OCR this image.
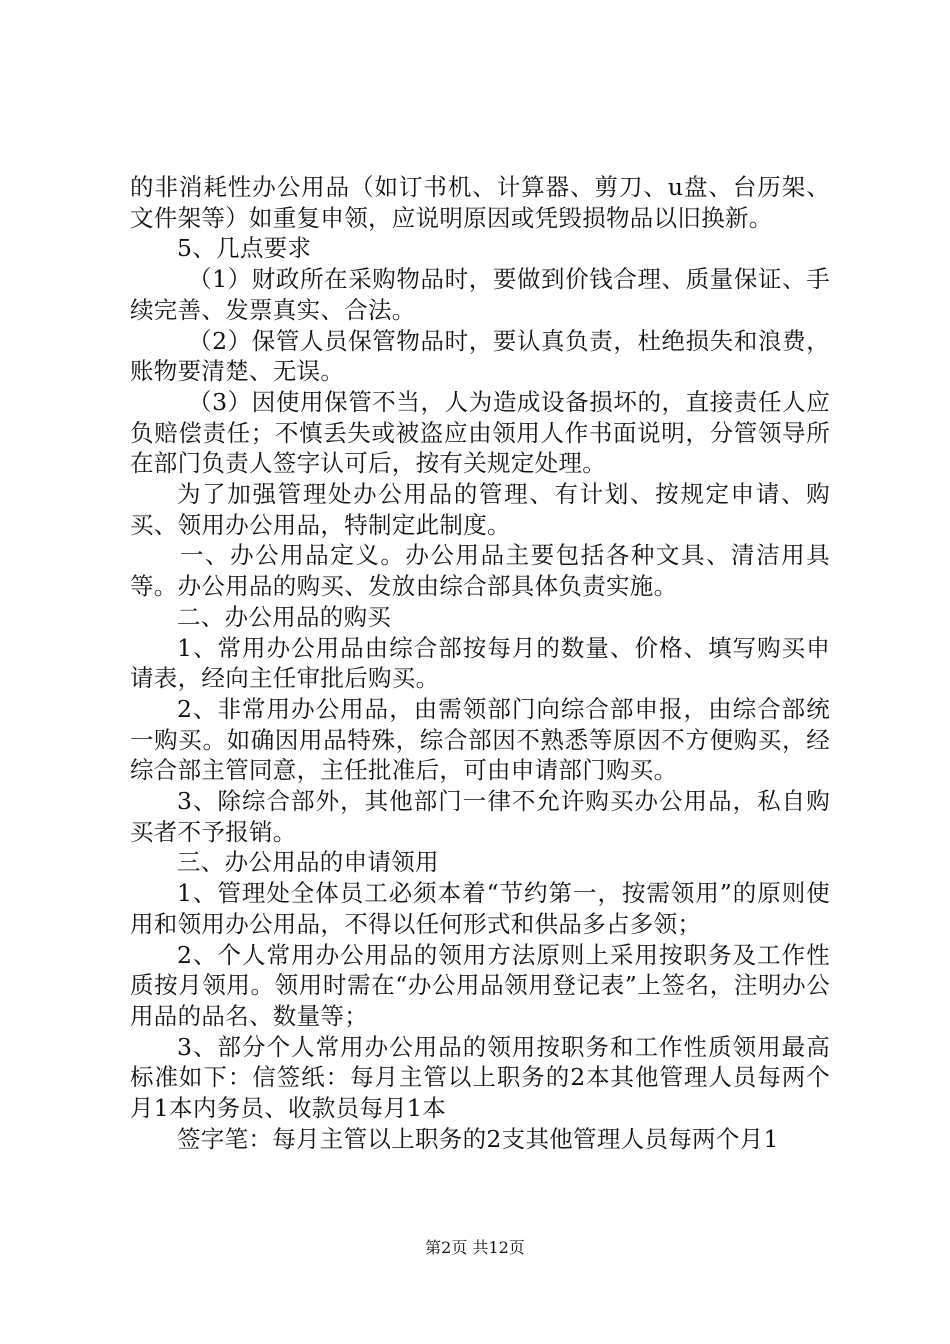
的非消耗性办公用品（如订书机、计算器、剪刀、u盘、台历架、文件架等）如重复申领，应说明原因或凭毁损物品以旧换新。

5、几点要求

（1）财政所在采购物品时，要做到价钱合理、质量保证、手续完善、发票真实、合法。

（2）保管人员保管物品时，要认真负责，杜绝损失和浪费，账物要清楚、无误。

（3）因使用保管不当，人为造成设备损坏的，直接责任人应负赔偿责任；不慎丢失或被盗应由领用人作书面说明，分管领导所在部门负责人签字认可后，按有关规定处理。

为了加强管理处办公用品的管理、有计划、按规定申请、购买、领用办公用品，特制定此制度。

一、办公用品定义。办公用品主要包括各种文具、清洁用具等。办公用品的购买、发放由综合部具体负责实施。

二、办公用品的购买

1、常用办公用品由综合部按每月的数量、价格、填写购买申请表，经向主任审批后购买。

2、非常用办公用品，由需领部门向综合部申报，由综合部统一购买。如确因用品特殊，综合部因不熟悉等原因不方便购买，经综合部主管同意，主任批准后，可由申请部门购买。

3、除综合部外，其他部门一律不允许购买办公用品，私自购买者不予报销。

三、办公用品的申请领用

1、管理处全体员工必须本着“节约第一，按需领用”的原则使用和领用办公用品，不得以任何形式和供品多占多领；

2、个人常用办公用品的领用方法原则上采用按职务及工作性质按月领用。领用时需在“办公用品领用登记表”上签名，注明办公用品的品名、数量等；

3、部分个人常用办公用品的领用按职务和工作性质领用最高标准如下：信签纸：每月主管以上职务的2本其他管理人员每两个月1本内务员、收款员每月1本

签字笔：每月主管以上职务的2支其他管理人员每两个月1

第2页 共12页
